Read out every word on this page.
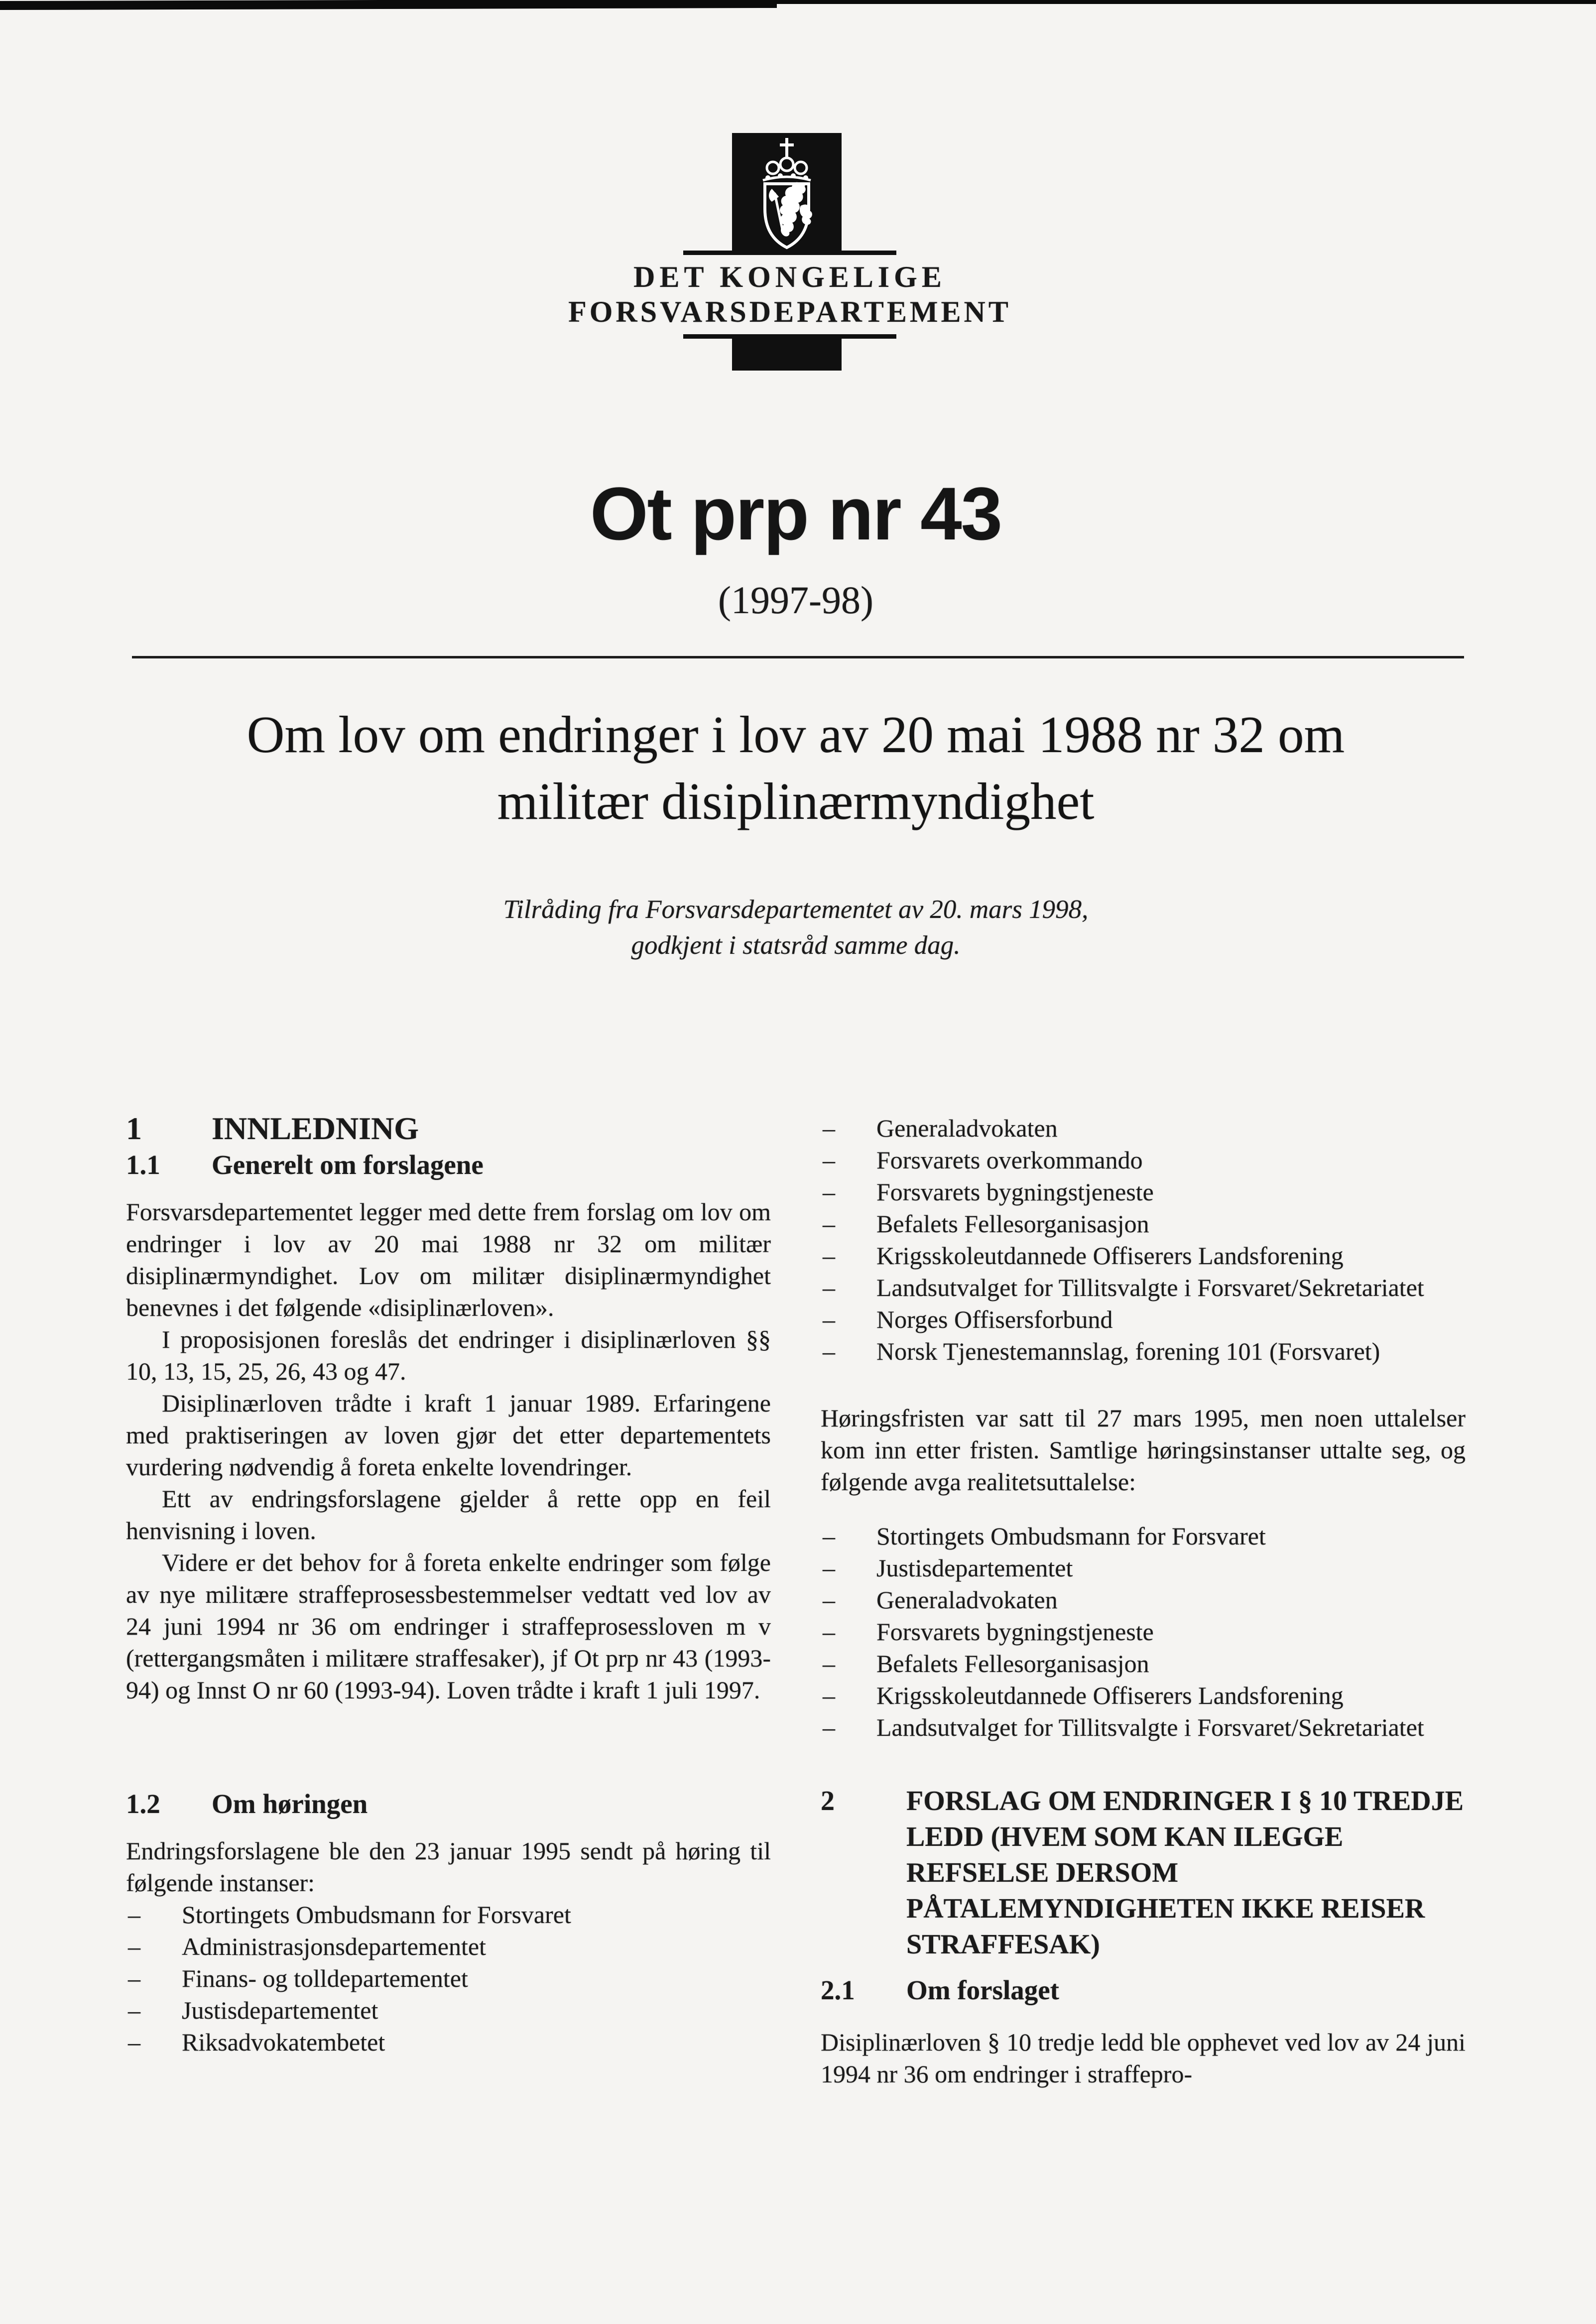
DET KONGELIGE
FORSVARSDEPARTEMENT
Ot prp nr 43
(1997-98)
Om lov om endringer i lov av 20 mai 1988 nr 32 om
militær disiplinærmyndighet
Tilråding fra Forsvarsdepartementet av 20. mars 1998,
godkjent i statsråd samme dag.
1 INNLEDNING
1.1 Generelt om forslagene

Forsvarsdepartementet legger med dette frem forslag om lov om endringer i lov av 20 mai 1988 nr 32 om militær disiplinærmyndighet. Lov om militær disiplinærmyndighet benevnes i det følgende «disiplinærloven».

I proposisjonen foreslås det endringer i disiplinærloven §§ 10, 13, 15, 25, 26, 43 og 47.

Disiplinærloven trådte i kraft 1 januar 1989. Erfaringene med praktiseringen av loven gjør det etter departementets vurdering nødvendig å foreta enkelte lovendringer.

Ett av endringsforslagene gjelder å rette opp en feil henvisning i loven.

Videre er det behov for å foreta enkelte endringer som følge av nye militære straffeprosessbestemmelser vedtatt ved lov av 24 juni 1994 nr 36 om endringer i straffeprosessloven m v (rettergangsmåten i militære straffesaker), jf Ot prp nr 43 (1993-94) og Innst O nr 60 (1993-94). Loven trådte i kraft 1 juli 1997.

1.2 Om høringen

Endringsforslagene ble den 23 januar 1995 sendt på høring til følgende instanser:

– Stortingets Ombudsmann for Forsvaret
– Administrasjonsdepartementet
– Finans- og tolldepartementet
– Justisdepartementet
– Riksadvokatembetet
– Generaladvokaten
– Forsvarets overkommando
– Forsvarets bygningstjeneste
– Befalets Fellesorganisasjon
– Krigsskoleutdannede Offiserers Landsforening
– Landsutvalget for Tillitsvalgte i Forsvaret/Sekretariatet
– Norges Offisersforbund
– Norsk Tjenestemannslag, forening 101 (Forsvaret)

Høringsfristen var satt til 27 mars 1995, men noen uttalelser kom inn etter fristen. Samtlige høringsinstanser uttalte seg, og følgende avga realitetsuttalelse:

– Stortingets Ombudsmann for Forsvaret
– Justisdepartementet
– Generaladvokaten
– Forsvarets bygningstjeneste
– Befalets Fellesorganisasjon
– Krigsskoleutdannede Offiserers Landsforening
– Landsutvalget for Tillitsvalgte i Forsvaret/Sekretariatet
2	FORSLAG OM ENDRINGER I § 10 TREDJE LEDD (HVEM SOM KAN ILEGGE REFSELSE DERSOM PÅTALEMYNDIGHETEN IKKE REISER STRAFFESAK)
2.1 Om forslaget

Disiplinærloven § 10 tredje ledd ble opphevet ved lov av 24 juni 1994 nr 36 om endringer i straffepro-
